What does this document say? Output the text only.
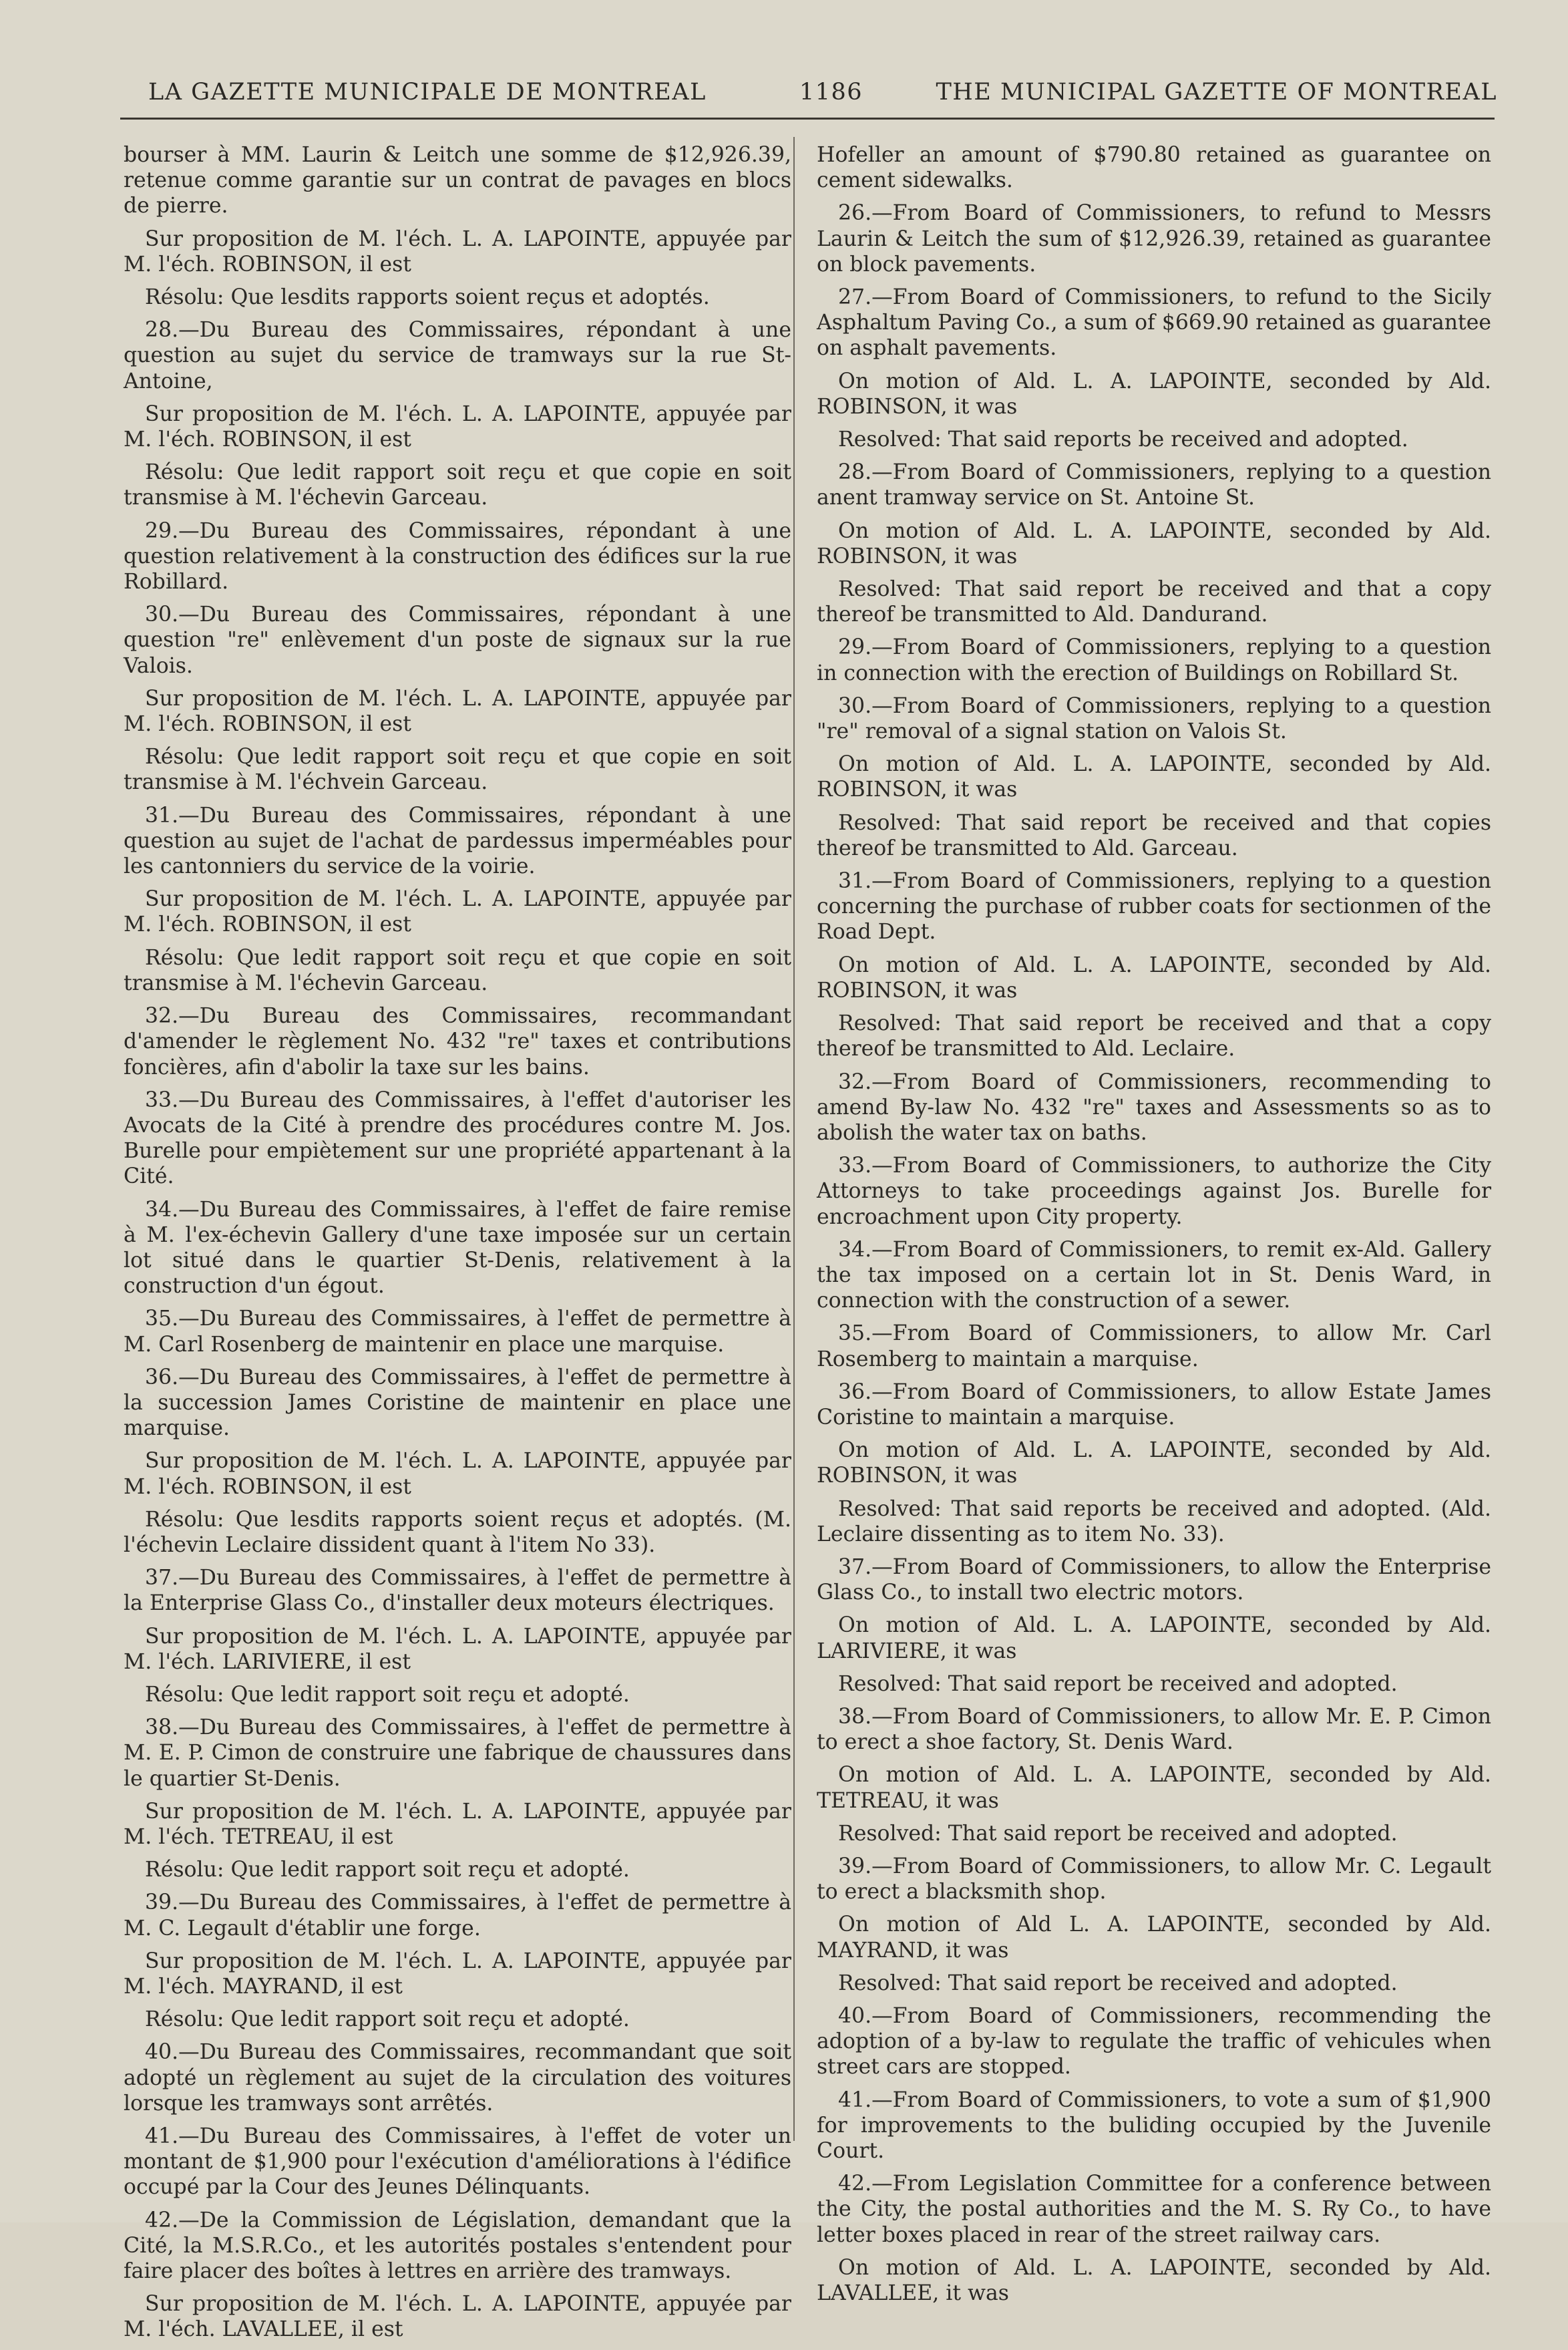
LA GAZETTE MUNICIPALE DE MONTREAL	1186	THE MUNICIPAL GAZETTE OF MONTREAL

bourser à MM. Laurin & Leitch une somme de $12,926.39, retenue comme garantie sur un contrat de pavages en blocs de pierre.

Sur proposition de M. l'éch. L. A. LAPOINTE, appuyée par M. l'éch. ROBINSON, il est

Résolu: Que lesdits rapports soient reçus et adoptés.

28.—Du Bureau des Commissaires, répondant à une question au sujet du service de tramways sur la rue St-Antoine,

Sur proposition de M. l'éch. L. A. LAPOINTE, appuyée par M. l'éch. ROBINSON, il est

Résolu: Que ledit rapport soit reçu et que copie en soit transmise à M. l'échevin Garceau.

29.—Du Bureau des Commissaires, répondant à une question relativement à la construction des édifices sur la rue Robillard.

30.—Du Bureau des Commissaires, répondant à une question "re" enlèvement d'un poste de signaux sur la rue Valois.

Sur proposition de M. l'éch. L. A. LAPOINTE, appuyée par M. l'éch. ROBINSON, il est

Résolu: Que ledit rapport soit reçu et que copie en soit transmise à M. l'échvein Garceau.

31.—Du Bureau des Commissaires, répondant à une question au sujet de l'achat de pardessus imperméables pour les cantonniers du service de la voirie.

Sur proposition de M. l'éch. L. A. LAPOINTE, appuyée par M. l'éch. ROBINSON, il est

Résolu: Que ledit rapport soit reçu et que copie en soit transmise à M. l'échevin Garceau.

32.—Du Bureau des Commissaires, recommandant d'amender le règlement No. 432 "re" taxes et contributions foncières, afin d'abolir la taxe sur les bains.

33.—Du Bureau des Commissaires, à l'effet d'autoriser les Avocats de la Cité à prendre des procédures contre M. Jos. Burelle pour empiètement sur une propriété appartenant à la Cité.

34.—Du Bureau des Commissaires, à l'effet de faire remise à M. l'ex-échevin Gallery d'une taxe imposée sur un certain lot situé dans le quartier St-Denis, relativement à la construction d'un égout.

35.—Du Bureau des Commissaires, à l'effet de permettre à M. Carl Rosenberg de maintenir en place une marquise.

36.—Du Bureau des Commissaires, à l'effet de permettre à la succession James Coristine de maintenir en place une marquise.

Sur proposition de M. l'éch. L. A. LAPOINTE, appuyée par M. l'éch. ROBINSON, il est

Résolu: Que lesdits rapports soient reçus et adoptés. (M. l'échevin Leclaire dissident quant à l'item No 33).

37.—Du Bureau des Commissaires, à l'effet de permettre à la Enterprise Glass Co., d'installer deux moteurs électriques.

Sur proposition de M. l'éch. L. A. LAPOINTE, appuyée par M. l'éch. LARIVIERE, il est

Résolu: Que ledit rapport soit reçu et adopté.

38.—Du Bureau des Commissaires, à l'effet de permettre à M. E. P. Cimon de construire une fabrique de chaussures dans le quartier St-Denis.

Sur proposition de M. l'éch. L. A. LAPOINTE, appuyée par M. l'éch. TETREAU, il est

Résolu: Que ledit rapport soit reçu et adopté.

39.—Du Bureau des Commissaires, à l'effet de permettre à M. C. Legault d'établir une forge.

Sur proposition de M. l'éch. L. A. LAPOINTE, appuyée par M. l'éch. MAYRAND, il est

Résolu: Que ledit rapport soit reçu et adopté.

40.—Du Bureau des Commissaires, recommandant que soit adopté un règlement au sujet de la circulation des voitures lorsque les tramways sont arrêtés.

41.—Du Bureau des Commissaires, à l'effet de voter un montant de $1,900 pour l'exécution d'améliorations à l'édifice occupé par la Cour des Jeunes Délinquants.

42.—De la Commission de Législation, demandant que la Cité, la M.S.R.Co., et les autorités postales s'entendent pour faire placer des boîtes à lettres en arrière des tramways.

Sur proposition de M. l'éch. L. A. LAPOINTE, appuyée par M. l'éch. LAVALLEE, il est

Hofeller an amount of $790.80 retained as guarantee on cement sidewalks.

26.—From Board of Commissioners, to refund to Messrs Laurin & Leitch the sum of $12,926.39, retained as guarantee on block pavements.

27.—From Board of Commissioners, to refund to the Sicily Asphaltum Paving Co., a sum of $669.90 retained as guarantee on asphalt pavements.

On motion of Ald. L. A. LAPOINTE, seconded by Ald. ROBINSON, it was

Resolved: That said reports be received and adopted.

28.—From Board of Commissioners, replying to a question anent tramway service on St. Antoine St.

On motion of Ald. L. A. LAPOINTE, seconded by Ald. ROBINSON, it was

Resolved: That said report be received and that a copy thereof be transmitted to Ald. Dandurand.

29.—From Board of Commissioners, replying to a question in connection with the erection of Buildings on Robillard St.

30.—From Board of Commissioners, replying to a question "re" removal of a signal station on Valois St.

On motion of Ald. L. A. LAPOINTE, seconded by Ald. ROBINSON, it was

Resolved: That said report be received and that copies thereof be transmitted to Ald. Garceau.

31.—From Board of Commissioners, replying to a question concerning the purchase of rubber coats for sectionmen of the Road Dept.

On motion of Ald. L. A. LAPOINTE, seconded by Ald. ROBINSON, it was

Resolved: That said report be received and that a copy thereof be transmitted to Ald. Leclaire.

32.—From Board of Commissioners, recommending to amend By-law No. 432 "re" taxes and Assessments so as to abolish the water tax on baths.

33.—From Board of Commissioners, to authorize the City Attorneys to take proceedings against Jos. Burelle for encroachment upon City property.

34.—From Board of Commissioners, to remit ex-Ald. Gallery the tax imposed on a certain lot in St. Denis Ward, in connection with the construction of a sewer.

35.—From Board of Commissioners, to allow Mr. Carl Rosemberg to maintain a marquise.

36.—From Board of Commissioners, to allow Estate James Coristine to maintain a marquise.

On motion of Ald. L. A. LAPOINTE, seconded by Ald. ROBINSON, it was

Resolved: That said reports be received and adopted. (Ald. Leclaire dissenting as to item No. 33).

37.—From Board of Commissioners, to allow the Enterprise Glass Co., to install two electric motors.

On motion of Ald. L. A. LAPOINTE, seconded by Ald. LARIVIERE, it was

Resolved: That said report be received and adopted.

38.—From Board of Commissioners, to allow Mr. E. P. Cimon to erect a shoe factory, St. Denis Ward.

On motion of Ald. L. A. LAPOINTE, seconded by Ald. TETREAU, it was

Resolved: That said report be received and adopted.

39.—From Board of Commissioners, to allow Mr. C. Legault to erect a blacksmith shop.

On motion of Ald L. A. LAPOINTE, seconded by Ald. MAYRAND, it was

Resolved: That said report be received and adopted.

40.—From Board of Commissioners, recommending the adoption of a by-law to regulate the traffic of vehicules when street cars are stopped.

41.—From Board of Commissioners, to vote a sum of $1,900 for improvements to the buliding occupied by the Juvenile Court.

42.—From Legislation Committee for a conference between the City, the postal authorities and the M. S. Ry Co., to have letter boxes placed in rear of the street railway cars.

On motion of Ald. L. A. LAPOINTE, seconded by Ald. LAVALLEE, it was
